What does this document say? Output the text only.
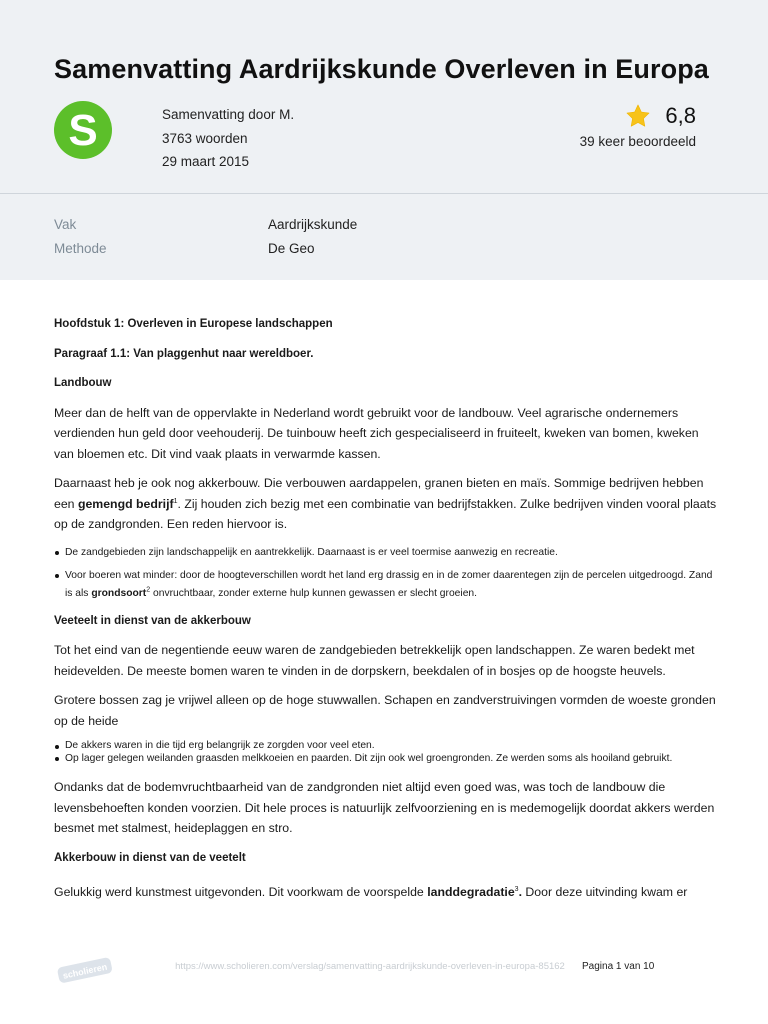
Samenvatting Aardrijkskunde Overleven in Europa
S	Samenvatting door M.
3763 woorden
29 maart 2015
6,8
39 keer beoordeeld
Vak	Aardrijkskunde
Methode	De Geo
Hoofdstuk 1: Overleven in Europese landschappen
Paragraaf 1.1: Van plaggenhut naar wereldboer.
Landbouw
Meer dan de helft van de oppervlakte in Nederland wordt gebruikt voor de landbouw. Veel agrarische ondernemers verdienden hun geld door veehouderij. De tuinbouw heeft zich gespecialiseerd in fruiteelt, kweken van bomen, kweken van bloemen etc. Dit vind vaak plaats in verwarmde kassen.
Daarnaast heb je ook nog akkerbouw. Die verbouwen aardappelen, granen bieten en maïs. Sommige bedrijven hebben een gemengd bedrijf$^1$. Zij houden zich bezig met een combinatie van bedrijfstakken. Zulke bedrijven vinden vooral plaats op de zandgronden. Een reden hiervoor is.
De zandgebieden zijn landschappelijk en aantrekkelijk. Daarnaast is er veel toermise aanwezig en recreatie.
Voor boeren wat minder: door de hoogteverschillen wordt het land erg drassig en in de zomer daarentegen zijn de percelen uitgedroogd. Zand is als grondsoort$^2$ onvruchtbaar, zonder externe hulp kunnen gewassen er slecht groeien.
Veeteelt in dienst van de akkerbouw
Tot het eind van de negentiende eeuw waren de zandgebieden betrekkelijk open landschappen. Ze waren bedekt met heidevelden. De meeste bomen waren te vinden in de dorpskern, beekdalen of in bosjes op de hoogste heuvels.
Grotere bossen zag je vrijwel alleen op de hoge stuwwallen. Schapen en zandverstruivingen vormden de woeste gronden op de heide
De akkers waren in die tijd erg belangrijk ze zorgden voor veel eten.
Op lager gelegen weilanden graasden melkkoeien en paarden. Dit zijn ook wel groengronden. Ze werden soms als hooiland gebruikt.
Ondanks dat de bodemvruchtbaarheid van de zandgronden niet altijd even goed was, was toch de landbouw die levensbehoeften konden voorzien. Dit hele proces is natuurlijk zelfvoorziening en is medemogelijk doordat akkers werden besmet met stalmest, heideplaggen en stro.
Akkerbouw in dienst van de veetelt
Gelukkig werd kunstmest uitgevonden. Dit voorkwam de voorspelde landdegradatie$^3$. Door deze uitvinding kwam er
scholieren	https://www.scholieren.com/verslag/samenvatting-aardrijkskunde-overleven-in-europa-85162	Pagina 1 van 10
